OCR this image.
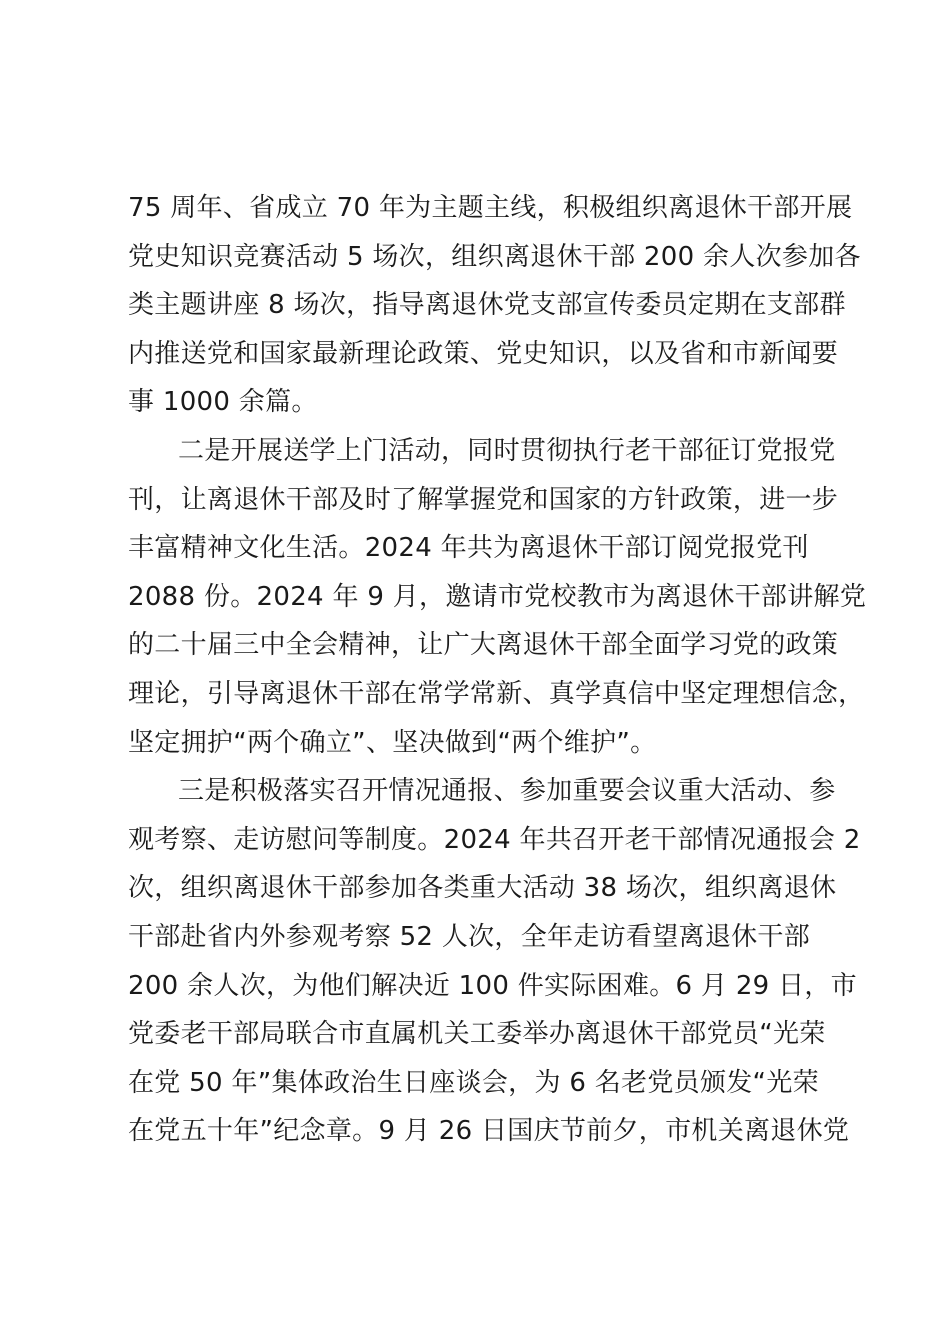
75 周年、省成立 70 年为主题主线，积极组织离退休干部开展
党史知识竞赛活动 5 场次，组织离退休干部 200 余人次参加各
类主题讲座 8 场次，指导离退休党支部宣传委员定期在支部群
内推送党和国家最新理论政策、党史知识，以及省和市新闻要
事 1000 余篇。
二是开展送学上门活动，同时贯彻执行老干部征订党报党
刊，让离退休干部及时了解掌握党和国家的方针政策，进一步
丰富精神文化生活。2024 年共为离退休干部订阅党报党刊
2088 份。2024 年 9 月，邀请市党校教市为离退休干部讲解党
的二十届三中全会精神，让广大离退休干部全面学习党的政策
理论，引导离退休干部在常学常新、真学真信中坚定理想信念，
坚定拥护“两个确立”、坚决做到“两个维护”。
三是积极落实召开情况通报、参加重要会议重大活动、参
观考察、走访慰问等制度。2024 年共召开老干部情况通报会 2
次，组织离退休干部参加各类重大活动 38 场次，组织离退休
干部赴省内外参观考察 52 人次，全年走访看望离退休干部
200 余人次，为他们解决近 100 件实际困难。6 月 29 日，市
党委老干部局联合市直属机关工委举办离退休干部党员“光荣
在党 50 年”集体政治生日座谈会，为 6 名老党员颁发“光荣
在党五十年”纪念章。9 月 26 日国庆节前夕，市机关离退休党
